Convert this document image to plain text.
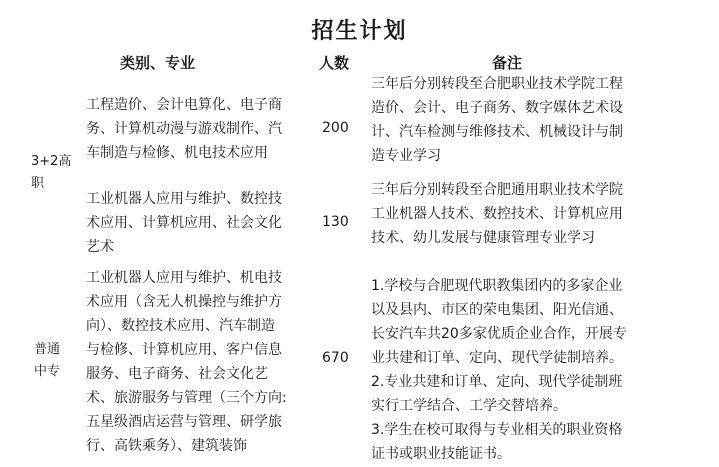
招生计划
类别、专业	人数	备注
3+2高
职
工程造价、会计电算化、电子商
务、计算机动漫与游戏制作、汽
车制造与检修、机电技术应用
200
三年后分别转段至合肥职业技术学院工程
造价、会计、电子商务、数字媒体艺术设
计、汽车检测与维修技术、机械设计与制
造专业学习
工业机器人应用与维护、数控技
术应用、计算机应用、社会文化
艺术
130
三年后分别转段至合肥通用职业技术学院
工业机器人技术、数控技术、计算机应用
技术、幼儿发展与健康管理专业学习
普通
中专
工业机器人应用与维护、机电技
术应用（含无人机操控与维护方
向）、数控技术应用、汽车制造
与检修、计算机应用、客户信息
服务、电子商务、社会文化艺
术、旅游服务与管理（三个方向:
五星级酒店运营与管理、研学旅
行、高铁乘务）、建筑装饰
670
1.学校与合肥现代职教集团内的多家企业
以及县内、市区的荣电集团、阳光信通、
长安汽车共20多家优质企业合作，开展专
业共建和订单、定向、现代学徒制培养。
2.专业共建和订单、定向、现代学徒制班
实行工学结合、工学交替培养。
3.学生在校可取得与专业相关的职业资格
证书或职业技能证书。
